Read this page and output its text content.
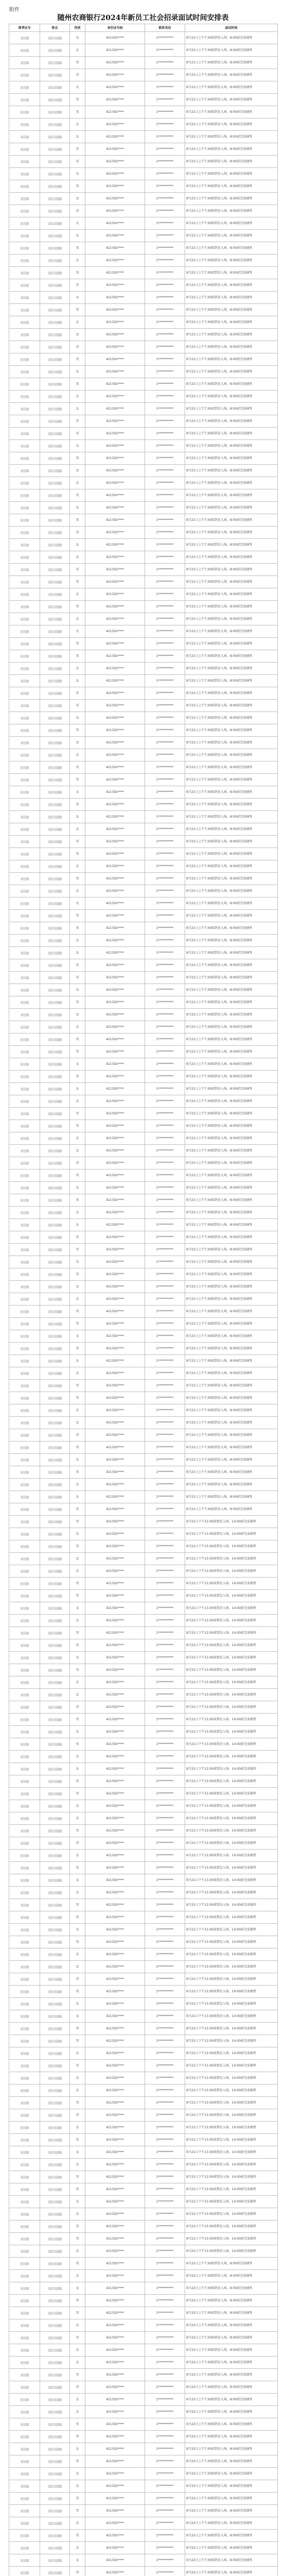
附件
随州农商银行2024年新员工社会招录面试时间安排表
准考证号	姓名	性别	身份证号码	联系电话	面试时间
		女	421302****	1**********	9月21日上午7:30前到达入场，8:00前完成抽签
		女	421302****	1**********	9月21日上午7:30前到达入场，8:00前完成抽签
		男	421302****	1**********	9月21日上午7:30前到达入场，8:00前完成抽签
		男	421302****	1**********	9月21日上午7:30前到达入场，8:00前完成抽签
		女	421302****	1**********	9月21日上午7:30前到达入场，8:00前完成抽签
		男	421302****	1**********	9月21日上午7:30前到达入场，8:00前完成抽签
		男	421302****	1**********	9月21日上午7:30前到达入场，8:00前完成抽签
		女	421302****	1**********	9月21日上午7:30前到达入场，8:00前完成抽签
		女	421302****	1**********	9月21日上午7:30前到达入场，8:00前完成抽签
		男	421302****	1**********	9月21日上午7:30前到达入场，8:00前完成抽签
		男	421302****	1**********	9月21日上午7:30前到达入场，8:00前完成抽签
		女	421302****	1**********	9月21日上午7:30前到达入场，8:00前完成抽签
		男	421302****	1**********	9月21日上午7:30前到达入场，8:00前完成抽签
		女	421302****	1**********	9月21日上午7:30前到达入场，8:00前完成抽签
		男	421302****	1**********	9月21日上午7:30前到达入场，8:00前完成抽签
		女	421302****	1**********	9月21日上午7:30前到达入场，8:00前完成抽签
		女	421302****	1**********	9月21日上午7:30前到达入场，8:00前完成抽签
		男	421302****	1**********	9月21日上午7:30前到达入场，8:00前完成抽签
		女	421302****	1**********	9月21日上午7:30前到达入场，8:00前完成抽签
		男	421302****	1**********	9月21日上午7:30前到达入场，8:00前完成抽签
		男	421302****	1**********	9月21日上午7:30前到达入场，8:00前完成抽签
		女	421302****	1**********	9月21日上午7:30前到达入场，8:00前完成抽签
		男	421302****	1**********	9月21日上午7:30前到达入场，8:00前完成抽签
		女	421302****	1**********	9月21日上午7:30前到达入场，8:00前完成抽签
		女	421302****	1**********	9月21日上午7:30前到达入场，8:00前完成抽签
		男	421302****	1**********	9月21日上午7:30前到达入场，8:00前完成抽签
		男	421302****	1**********	9月21日上午7:30前到达入场，8:00前完成抽签
		女	421302****	1**********	9月21日上午7:30前到达入场，8:00前完成抽签
		男	421302****	1**********	9月21日上午7:30前到达入场，8:00前完成抽签
		女	421302****	1**********	9月21日上午7:30前到达入场，8:00前完成抽签
		女	421302****	1**********	9月21日上午7:30前到达入场，8:00前完成抽签
		男	421302****	1**********	9月21日上午7:30前到达入场，8:00前完成抽签
		男	421302****	1**********	9月21日上午7:30前到达入场，8:00前完成抽签
		女	421302****	1**********	9月21日上午7:30前到达入场，8:00前完成抽签
		男	421302****	1**********	9月21日上午7:30前到达入场，8:00前完成抽签
		女	421302****	1**********	9月21日上午7:30前到达入场，8:00前完成抽签
		女	421302****	1**********	9月21日上午7:30前到达入场，8:00前完成抽签
		男	421302****	1**********	9月21日上午7:30前到达入场，8:00前完成抽签
		女	421302****	1**********	9月21日上午7:30前到达入场，8:00前完成抽签
		男	421302****	1**********	9月21日上午7:30前到达入场，8:00前完成抽签
		男	421302****	1**********	9月21日上午7:30前到达入场，8:00前完成抽签
		女	421302****	1**********	9月21日上午7:30前到达入场，8:00前完成抽签
		女	421302****	1**********	9月21日上午7:30前到达入场，8:00前完成抽签
		男	421302****	1**********	9月21日上午7:30前到达入场，8:00前完成抽签
		男	421302****	1**********	9月21日上午7:30前到达入场，8:00前完成抽签
		女	421302****	1**********	9月21日上午7:30前到达入场，8:00前完成抽签
		男	421302****	1**********	9月21日上午7:30前到达入场，8:00前完成抽签
		女	421302****	1**********	9月21日上午7:30前到达入场，8:00前完成抽签
		女	421302****	1**********	9月21日上午7:30前到达入场，8:00前完成抽签
		男	421302****	1**********	9月21日上午7:30前到达入场，8:00前完成抽签
		男	421302****	1**********	9月21日上午7:30前到达入场，8:00前完成抽签
		女	421302****	1**********	9月21日上午7:30前到达入场，8:00前完成抽签
		女	421302****	1**********	9月21日上午7:30前到达入场，8:00前完成抽签
		男	421302****	1**********	9月21日上午7:30前到达入场，8:00前完成抽签
		男	421302****	1**********	9月21日上午7:30前到达入场，8:00前完成抽签
		女	421302****	1**********	9月21日上午7:30前到达入场，8:00前完成抽签
		男	421302****	1**********	9月21日上午7:30前到达入场，8:00前完成抽签
		女	421302****	1**********	9月21日上午7:30前到达入场，8:00前完成抽签
		女	421302****	1**********	9月21日上午7:30前到达入场，8:00前完成抽签
		男	421302****	1**********	9月21日上午7:30前到达入场，8:00前完成抽签
		男	421302****	1**********	9月21日上午7:30前到达入场，8:00前完成抽签
		女	421302****	1**********	9月21日上午7:30前到达入场，8:00前完成抽签
		男	421302****	1**********	9月21日上午7:30前到达入场，8:00前完成抽签
		女	421302****	1**********	9月21日上午7:30前到达入场，8:00前完成抽签
		女	421302****	1**********	9月21日上午7:30前到达入场，8:00前完成抽签
		男	421302****	1**********	9月21日上午7:30前到达入场，8:00前完成抽签
		男	421302****	1**********	9月21日上午7:30前到达入场，8:00前完成抽签
		女	421302****	1**********	9月21日上午7:30前到达入场，8:00前完成抽签
		男	421302****	1**********	9月21日上午7:30前到达入场，8:00前完成抽签
		女	421302****	1**********	9月21日上午7:30前到达入场，8:00前完成抽签
		女	421302****	1**********	9月21日上午7:30前到达入场，8:00前完成抽签
		男	421302****	1**********	9月21日上午7:30前到达入场，8:00前完成抽签
		男	421302****	1**********	9月21日上午7:30前到达入场，8:00前完成抽签
		女	421302****	1**********	9月21日上午7:30前到达入场，8:00前完成抽签
		女	421302****	1**********	9月21日上午7:30前到达入场，8:00前完成抽签
		男	421302****	1**********	9月21日上午7:30前到达入场，8:00前完成抽签
		男	421302****	1**********	9月21日上午7:30前到达入场，8:00前完成抽签
		女	421302****	1**********	9月21日上午7:30前到达入场，8:00前完成抽签
		男	421302****	1**********	9月21日上午7:30前到达入场，8:00前完成抽签
		女	421302****	1**********	9月21日上午7:30前到达入场，8:00前完成抽签
		女	421302****	1**********	9月21日上午7:30前到达入场，8:00前完成抽签
		男	421302****	1**********	9月21日上午7:30前到达入场，8:00前完成抽签
		男	421302****	1**********	9月21日上午7:30前到达入场，8:00前完成抽签
		女	421302****	1**********	9月21日上午7:30前到达入场，8:00前完成抽签
		男	421302****	1**********	9月21日上午7:30前到达入场，8:00前完成抽签
		女	421302****	1**********	9月21日上午7:30前到达入场，8:00前完成抽签
		女	421302****	1**********	9月21日上午7:30前到达入场，8:00前完成抽签
		男	421302****	1**********	9月21日上午7:30前到达入场，8:00前完成抽签
		男	421302****	1**********	9月21日上午7:30前到达入场，8:00前完成抽签
		女	421302****	1**********	9月21日上午7:30前到达入场，8:00前完成抽签
		女	421302****	1**********	9月21日上午7:30前到达入场，8:00前完成抽签
		男	421302****	1**********	9月21日上午7:30前到达入场，8:00前完成抽签
		男	421302****	1**********	9月21日上午7:30前到达入场，8:00前完成抽签
		女	421302****	1**********	9月21日上午7:30前到达入场，8:00前完成抽签
		男	421302****	1**********	9月21日上午7:30前到达入场，8:00前完成抽签
		女	421302****	1**********	9月21日上午7:30前到达入场，8:00前完成抽签
		女	421302****	1**********	9月21日上午7:30前到达入场，8:00前完成抽签
		男	421302****	1**********	9月21日上午7:30前到达入场，8:00前完成抽签
		男	421302****	1**********	9月21日上午7:30前到达入场，8:00前完成抽签
		女	421302****	1**********	9月21日上午7:30前到达入场，8:00前完成抽签
		男	421302****	1**********	9月21日上午7:30前到达入场，8:00前完成抽签
		女	421302****	1**********	9月21日上午7:30前到达入场，8:00前完成抽签
		女	421302****	1**********	9月21日上午7:30前到达入场，8:00前完成抽签
		男	421302****	1**********	9月21日上午7:30前到达入场，8:00前完成抽签
		男	421302****	1**********	9月21日上午7:30前到达入场，8:00前完成抽签
		女	421302****	1**********	9月21日上午7:30前到达入场，8:00前完成抽签
		男	421302****	1**********	9月21日上午7:30前到达入场，8:00前完成抽签
		女	421302****	1**********	9月21日上午7:30前到达入场，8:00前完成抽签
		女	421302****	1**********	9月21日上午7:30前到达入场，8:00前完成抽签
		男	421302****	1**********	9月21日上午7:30前到达入场，8:00前完成抽签
		男	421302****	1**********	9月21日上午7:30前到达入场，8:00前完成抽签
		女	421302****	1**********	9月21日上午7:30前到达入场，8:00前完成抽签
		女	421302****	1**********	9月21日上午7:30前到达入场，8:00前完成抽签
		男	421302****	1**********	9月21日上午7:30前到达入场，8:00前完成抽签
		男	421302****	1**********	9月21日上午7:30前到达入场，8:00前完成抽签
		女	421302****	1**********	9月21日上午7:30前到达入场，8:00前完成抽签
		男	421302****	1**********	9月21日上午7:30前到达入场，8:00前完成抽签
		女	421302****	1**********	9月21日上午7:30前到达入场，8:00前完成抽签
		女	421302****	1**********	9月21日上午7:30前到达入场，8:00前完成抽签
		男	421302****	1**********	9月21日上午7:30前到达入场，8:00前完成抽签
		男	421302****	1**********	9月21日下午13:30前到达入场，14:00前完成抽签
		女	421302****	1**********	9月21日下午13:30前到达入场，14:00前完成抽签
		男	421302****	1**********	9月21日下午13:30前到达入场，14:00前完成抽签
		女	421302****	1**********	9月21日下午13:30前到达入场，14:00前完成抽签
		女	421302****	1**********	9月21日下午13:30前到达入场，14:00前完成抽签
		男	421302****	1**********	9月21日下午13:30前到达入场，14:00前完成抽签
		男	421302****	1**********	9月21日下午13:30前到达入场，14:00前完成抽签
		女	421302****	1**********	9月21日下午13:30前到达入场，14:00前完成抽签
		女	421302****	1**********	9月21日下午13:30前到达入场，14:00前完成抽签
		男	421302****	1**********	9月21日下午13:30前到达入场，14:00前完成抽签
		男	421302****	1**********	9月21日下午13:30前到达入场，14:00前完成抽签
		女	421302****	1**********	9月21日下午13:30前到达入场，14:00前完成抽签
		男	421302****	1**********	9月21日下午13:30前到达入场，14:00前完成抽签
		女	421302****	1**********	9月21日下午13:30前到达入场，14:00前完成抽签
		女	421302****	1**********	9月21日下午13:30前到达入场，14:00前完成抽签
		男	421302****	1**********	9月21日下午13:30前到达入场，14:00前完成抽签
		男	421302****	1**********	9月21日下午13:30前到达入场，14:00前完成抽签
		女	421302****	1**********	9月21日下午13:30前到达入场，14:00前完成抽签
		男	421302****	1**********	9月21日下午13:30前到达入场，14:00前完成抽签
		女	421302****	1**********	9月21日下午13:30前到达入场，14:00前完成抽签
		女	421302****	1**********	9月21日下午13:30前到达入场，14:00前完成抽签
		男	421302****	1**********	9月21日下午13:30前到达入场，14:00前完成抽签
		男	421302****	1**********	9月21日下午13:30前到达入场，14:00前完成抽签
		女	421302****	1**********	9月21日下午13:30前到达入场，14:00前完成抽签
		女	421302****	1**********	9月21日下午13:30前到达入场，14:00前完成抽签
		男	421302****	1**********	9月21日下午13:30前到达入场，14:00前完成抽签
		男	421302****	1**********	9月21日下午13:30前到达入场，14:00前完成抽签
		女	421302****	1**********	9月21日下午13:30前到达入场，14:00前完成抽签
		男	421302****	1**********	9月21日下午13:30前到达入场，14:00前完成抽签
		女	421302****	1**********	9月21日下午13:30前到达入场，14:00前完成抽签
		女	421302****	1**********	9月21日下午13:30前到达入场，14:00前完成抽签
		男	421302****	1**********	9月21日下午13:30前到达入场，14:00前完成抽签
		男	421302****	1**********	9月21日下午13:30前到达入场，14:00前完成抽签
		女	421302****	1**********	9月21日下午13:30前到达入场，14:00前完成抽签
		男	421302****	1**********	9月21日下午13:30前到达入场，14:00前完成抽签
		女	421302****	1**********	9月21日下午13:30前到达入场，14:00前完成抽签
		女	421302****	1**********	9月21日下午13:30前到达入场，14:00前完成抽签
		男	421302****	1**********	9月21日下午13:30前到达入场，14:00前完成抽签
		男	421302****	1**********	9月21日下午13:30前到达入场，14:00前完成抽签
		女	421302****	1**********	9月21日下午13:30前到达入场，14:00前完成抽签
		女	421302****	1**********	9月21日下午13:30前到达入场，14:00前完成抽签
		男	421302****	1**********	9月21日下午13:30前到达入场，14:00前完成抽签
		男	421302****	1**********	9月21日下午13:30前到达入场，14:00前完成抽签
		女	421302****	1**********	9月21日下午13:30前到达入场，14:00前完成抽签
		男	421302****	1**********	9月21日下午13:30前到达入场，14:00前完成抽签
		女	421302****	1**********	9月21日下午13:30前到达入场，14:00前完成抽签
		女	421302****	1**********	9月21日下午13:30前到达入场，14:00前完成抽签
		男	421302****	1**********	9月21日下午13:30前到达入场，14:00前完成抽签
		男	421302****	1**********	9月21日下午13:30前到达入场，14:00前完成抽签
		女	421302****	1**********	9月21日下午13:30前到达入场，14:00前完成抽签
		男	421302****	1**********	9月21日下午13:30前到达入场，14:00前完成抽签
		女	421302****	1**********	9月21日下午13:30前到达入场，14:00前完成抽签
		女	421302****	1**********	9月21日下午13:30前到达入场，14:00前完成抽签
		男	421302****	1**********	9月21日下午13:30前到达入场，14:00前完成抽签
		男	421302****	1**********	9月21日下午13:30前到达入场，14:00前完成抽签
		女	421302****	1**********	9月21日下午13:30前到达入场，14:00前完成抽签
		女	421302****	1**********	9月21日下午13:30前到达入场，14:00前完成抽签
		男	421302****	1**********	9月21日下午13:30前到达入场，14:00前完成抽签
		男	421302****	1**********	9月21日下午13:30前到达入场，14:00前完成抽签
		女	421302****	1**********	9月21日下午13:30前到达入场，14:00前完成抽签
		男	421302****	1**********	9月22日上午7:30前到达入场，8:00前完成抽签
		女	421302****	1**********	9月22日上午7:30前到达入场，8:00前完成抽签
		女	421302****	1**********	9月22日上午7:30前到达入场，8:00前完成抽签
		男	421302****	1**********	9月22日上午7:30前到达入场，8:00前完成抽签
		男	421302****	1**********	9月22日上午7:30前到达入场，8:00前完成抽签
		女	421302****	1**********	9月22日上午7:30前到达入场，8:00前完成抽签
		男	421302****	1**********	9月22日上午7:30前到达入场，8:00前完成抽签
		女	421302****	1**********	9月22日上午7:30前到达入场，8:00前完成抽签
		女	421302****	1**********	9月22日上午7:30前到达入场，8:00前完成抽签
		男	421302****	1**********	9月22日上午7:30前到达入场，8:00前完成抽签
		男	421302****	1**********	9月22日上午7:30前到达入场，8:00前完成抽签
		女	421302****	1**********	9月22日上午7:30前到达入场，8:00前完成抽签
		女	421302****	1**********	9月22日上午7:30前到达入场，8:00前完成抽签
		男	421302****	1**********	9月22日上午7:30前到达入场，8:00前完成抽签
		男	421302****	1**********	9月22日上午7:30前到达入场，8:00前完成抽签
		女	421302****	1**********	9月22日上午7:30前到达入场，8:00前完成抽签
		男	421302****	1**********	9月22日上午7:30前到达入场，8:00前完成抽签
		女	421302****	1**********	9月22日上午7:30前到达入场，8:00前完成抽签
		女	421302****	1**********	9月22日上午7:30前到达入场，8:00前完成抽签
		男	421302****	1**********	9月22日上午7:30前到达入场，8:00前完成抽签
		男	421302****	1**********	9月22日上午7:30前到达入场，8:00前完成抽签
		女	421302****	1**********	9月22日上午7:30前到达入场，8:00前完成抽签
		男	421302****	1**********	9月22日上午7:30前到达入场，8:00前完成抽签
		女	421302****	1**********	9月22日上午7:30前到达入场，8:00前完成抽签
		女	421302****	1**********	9月22日上午7:30前到达入场，8:00前完成抽签
		男	421302****	1**********	9月22日上午7:30前到达入场，8:00前完成抽签
